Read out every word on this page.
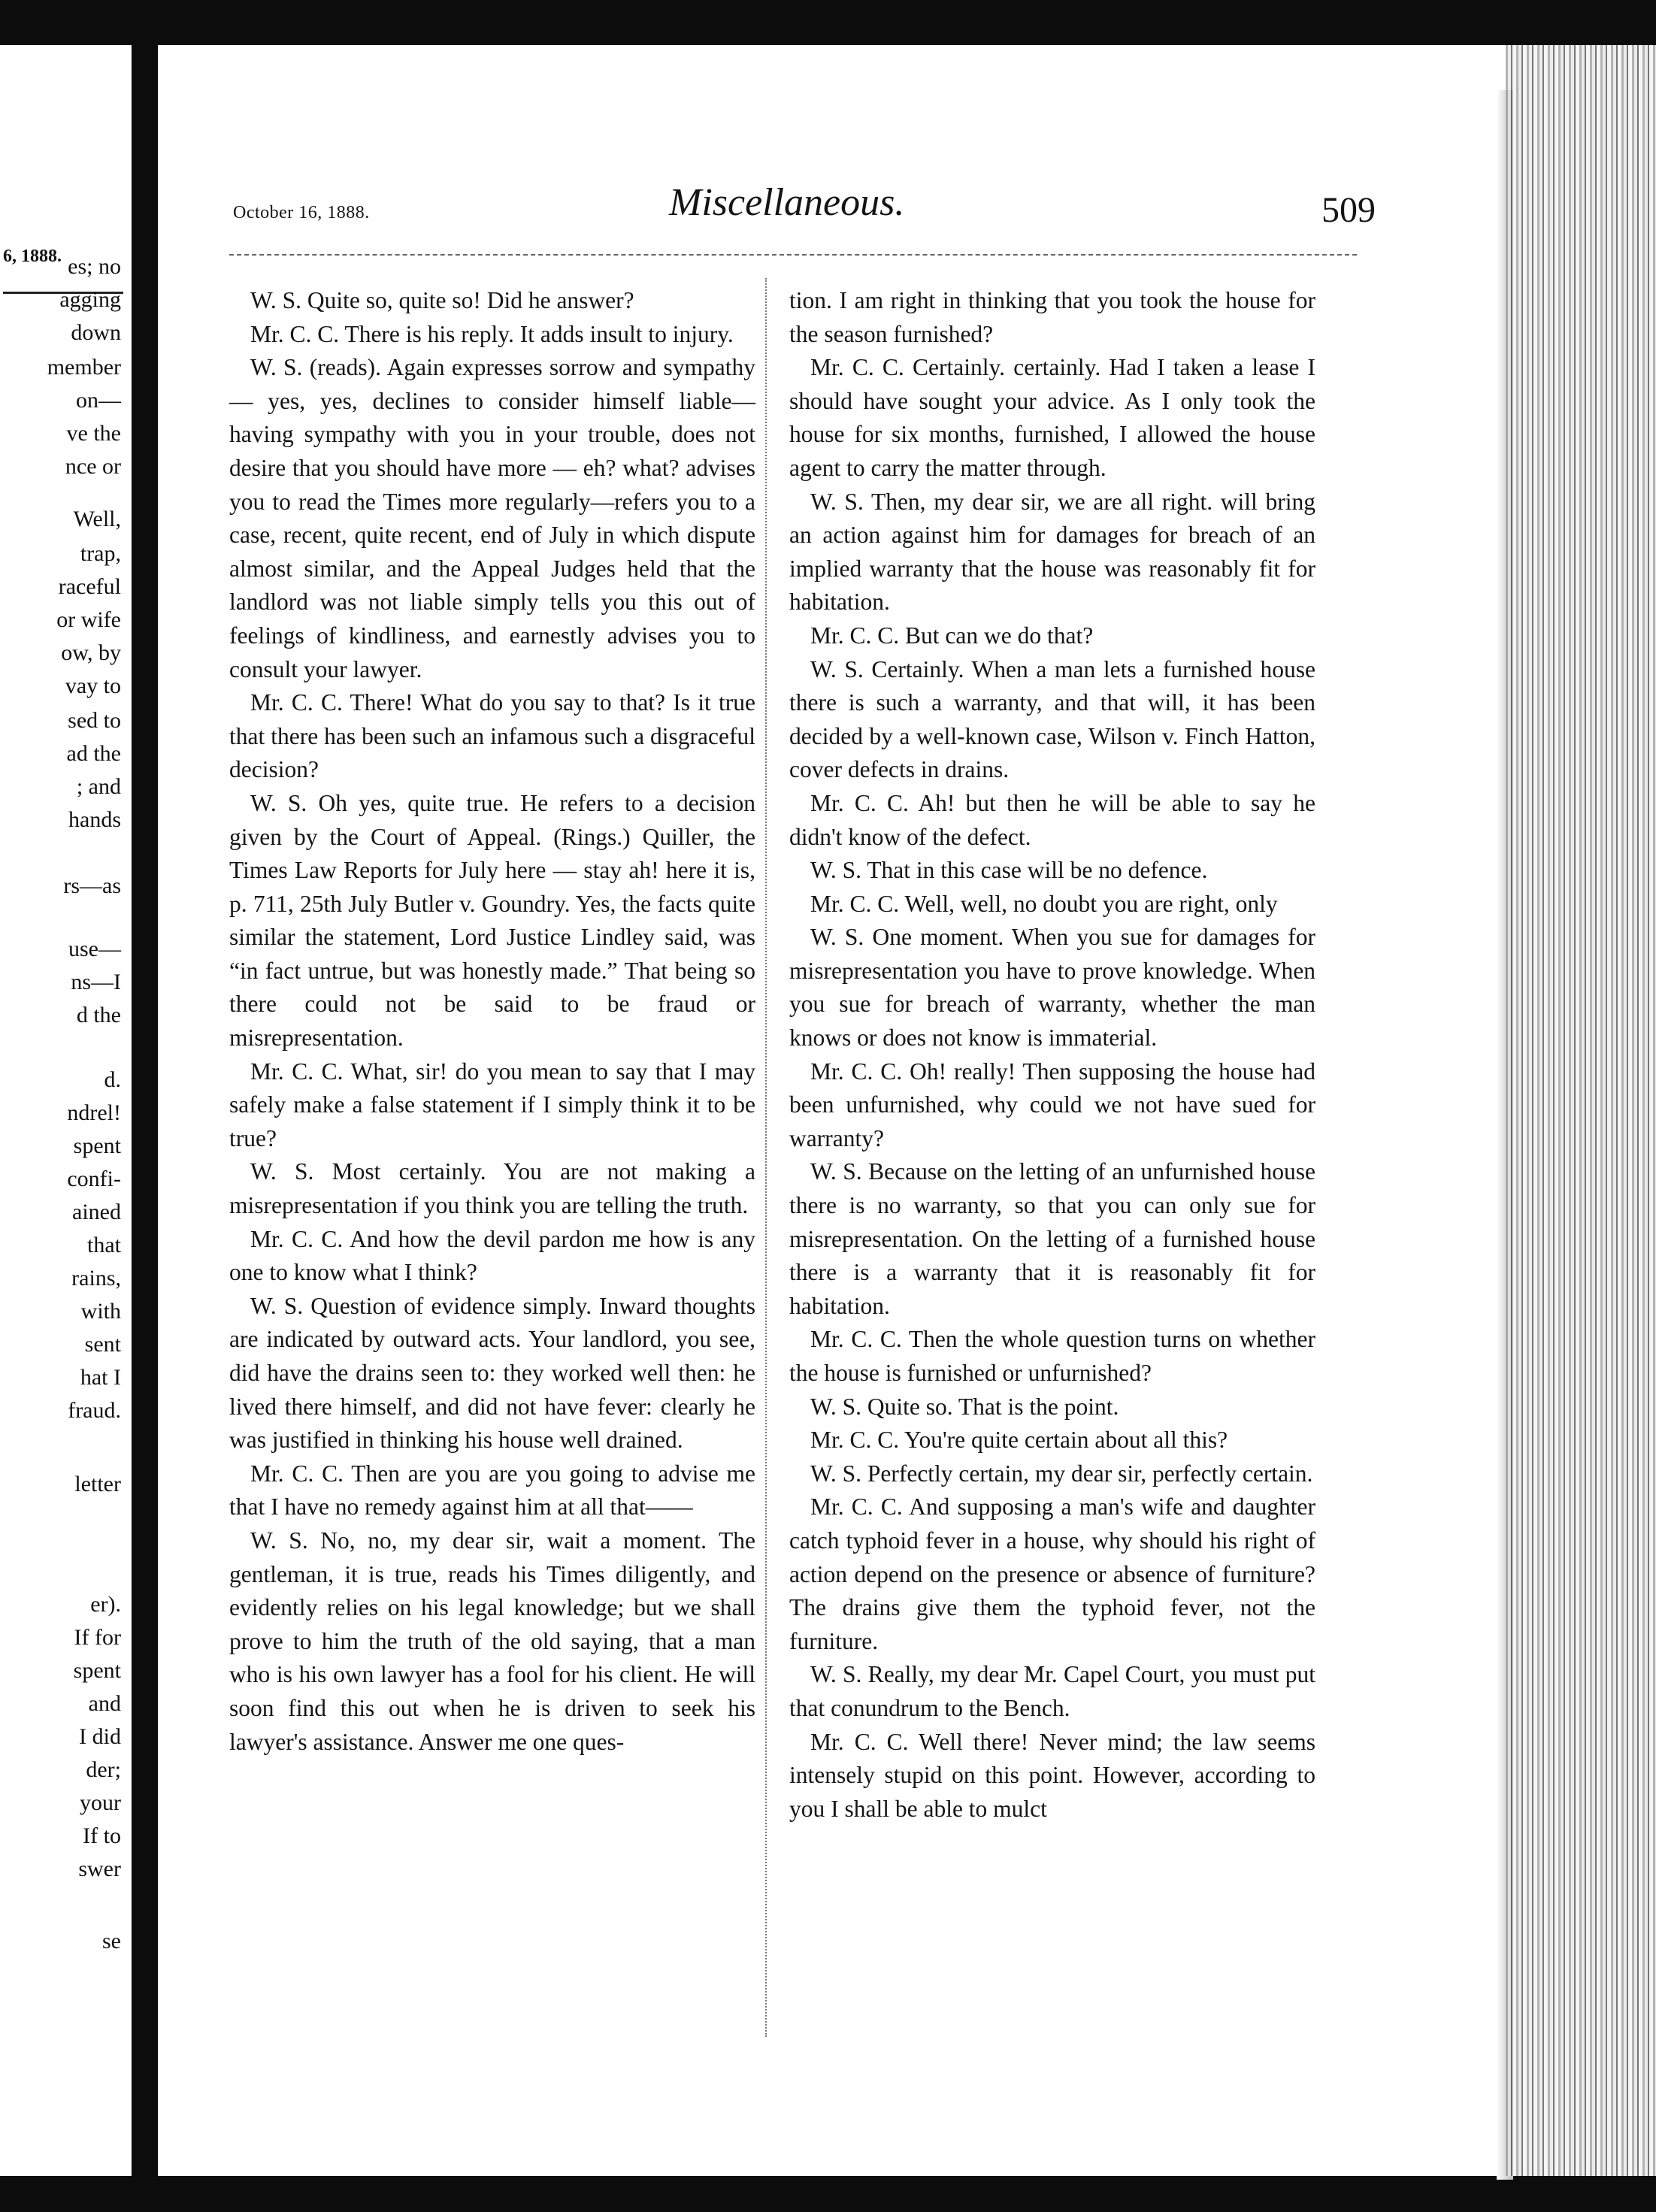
6, 1888. es; no
agging
down
member
on—
ve the
nce or
Well,
trap,
raceful
or wife
ow, by
vay to
sed to
ad the
; and
hands
rs—as
use—
ns—I
d the
d.
ndrel!
spent
confi-
ained
that
rains,
with
sent
hat I
fraud.
letter
er).
If for
spent
and
I did
der;
your
If to
swer
se
October 16, 1888.	Miscellaneous.	509

W. S. Quite so, quite so! Did he answer?

Mr. C. C. There is his reply. It adds insult to injury.

W. S. (reads). Again expresses sorrow and sympathy — yes, yes, declines to consider himself liable—having sympathy with you in your trouble, does not desire that you should have more — eh? what? advises you to read the Times more regularly—refers you to a case, recent, quite recent, end of July in which dispute almost similar, and the Appeal Judges held that the landlord was not liable simply tells you this out of feelings of kindliness, and earnestly advises you to consult your lawyer.

Mr. C. C. There! What do you say to that? Is it true that there has been such an infamous such a disgraceful decision?

W. S. Oh yes, quite true. He refers to a decision given by the Court of Appeal. (Rings.) Quiller, the Times Law Reports for July here — stay ah! here it is, p. 711, 25th July Butler v. Goundry. Yes, the facts quite similar the statement, Lord Justice Lindley said, was “in fact untrue, but was honestly made.” That being so there could not be said to be fraud or misrepresentation.

Mr. C. C. What, sir! do you mean to say that I may safely make a false statement if I simply think it to be true?

W. S. Most certainly. You are not making a misrepresentation if you think you are telling the truth.

Mr. C. C. And how the devil pardon me how is any one to know what I think?

W. S. Question of evidence simply. Inward thoughts are indicated by outward acts. Your landlord, you see, did have the drains seen to: they worked well then: he lived there himself, and did not have fever: clearly he was justified in thinking his house well drained.

Mr. C. C. Then are you are you going to advise me that I have no remedy against him at all that——

W. S. No, no, my dear sir, wait a moment. The gentleman, it is true, reads his Times diligently, and evidently relies on his legal knowledge; but we shall prove to him the truth of the old saying, that a man who is his own lawyer has a fool for his client. He will soon find this out when he is driven to seek his lawyer's assistance. Answer me one ques-

tion. I am right in thinking that you took the house for the season furnished?

Mr. C. C. Certainly. certainly. Had I taken a lease I should have sought your advice. As I only took the house for six months, furnished, I allowed the house agent to carry the matter through.

W. S. Then, my dear sir, we are all right. will bring an action against him for damages for breach of an implied warranty that the house was reasonably fit for habitation.

Mr. C. C. But can we do that?

W. S. Certainly. When a man lets a furnished house there is such a warranty, and that will, it has been decided by a well-known case, Wilson v. Finch Hatton, cover defects in drains.

Mr. C. C. Ah! but then he will be able to say he didn't know of the defect.

W. S. That in this case will be no defence.

Mr. C. C. Well, well, no doubt you are right, only

W. S. One moment. When you sue for damages for misrepresentation you have to prove knowledge. When you sue for breach of warranty, whether the man knows or does not know is immaterial.

Mr. C. C. Oh! really! Then supposing the house had been unfurnished, why could we not have sued for warranty?

W. S. Because on the letting of an unfurnished house there is no warranty, so that you can only sue for misrepresentation. On the letting of a furnished house there is a warranty that it is reasonably fit for habitation.

Mr. C. C. Then the whole question turns on whether the house is furnished or unfurnished?

W. S. Quite so. That is the point.

Mr. C. C. You're quite certain about all this?

W. S. Perfectly certain, my dear sir, perfectly certain.

Mr. C. C. And supposing a man's wife and daughter catch typhoid fever in a house, why should his right of action depend on the presence or absence of furniture? The drains give them the typhoid fever, not the furniture.

W. S. Really, my dear Mr. Capel Court, you must put that conundrum to the Bench.

Mr. C. C. Well there! Never mind; the law seems intensely stupid on this point. However, according to you I shall be able to mulct
